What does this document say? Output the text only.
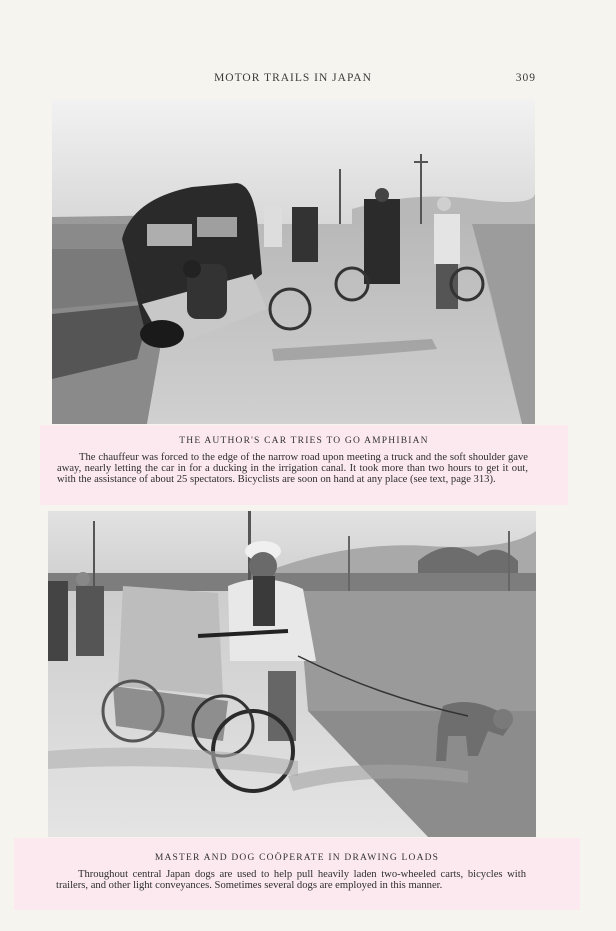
MOTOR TRAILS IN JAPAN	309
THE AUTHOR'S CAR TRIES TO GO AMPHIBIAN
The chauffeur was forced to the edge of the narrow road upon meeting a truck and the soft shoulder gave away, nearly letting the car in for a ducking in the irrigation canal. It took more than two hours to get it out, with the assistance of about 25 spectators. Bicyclists are soon on hand at any place (see text, page 313).
MASTER AND DOG COÖPERATE IN DRAWING LOADS
Throughout central Japan dogs are used to help pull heavily laden two-wheeled carts, bicycles with trailers, and other light conveyances. Sometimes several dogs are employed in this manner.
